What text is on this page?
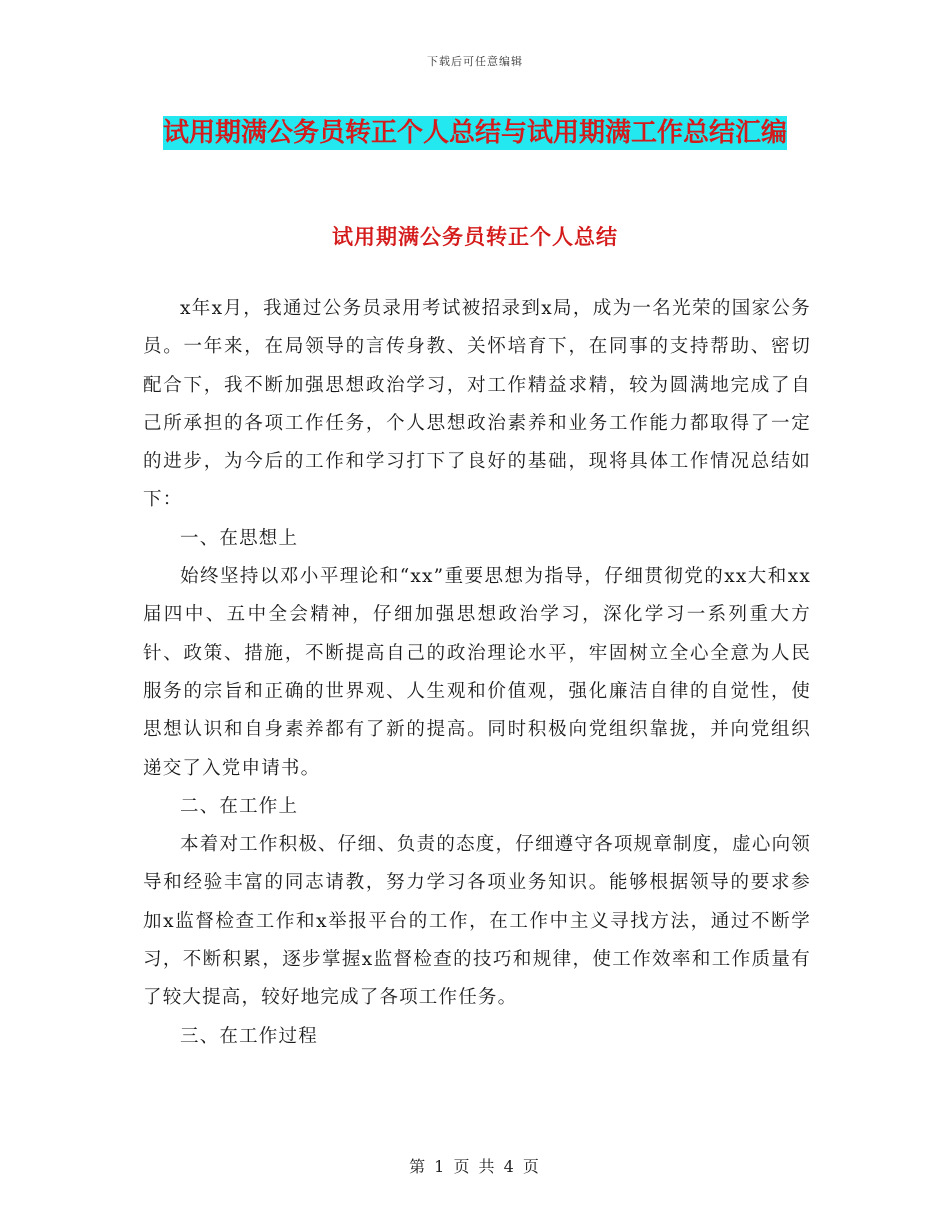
下载后可任意编辑
试用期满公务员转正个人总结与试用期满工作总结汇编
试用期满公务员转正个人总结

x年x月，我通过公务员录用考试被招录到x局，成为一名光荣的国家公务员。一年来，在局领导的言传身教、关怀培育下，在同事的支持帮助、密切配合下，我不断加强思想政治学习，对工作精益求精，较为圆满地完成了自己所承担的各项工作任务，个人思想政治素养和业务工作能力都取得了一定的进步，为今后的工作和学习打下了良好的基础，现将具体工作情况总结如下：

一、在思想上

始终坚持以邓小平理论和“xx”重要思想为指导，仔细贯彻党的xx大和xx届四中、五中全会精神，仔细加强思想政治学习，深化学习一系列重大方针、政策、措施，不断提高自己的政治理论水平，牢固树立全心全意为人民服务的宗旨和正确的世界观、人生观和价值观，强化廉洁自律的自觉性，使思想认识和自身素养都有了新的提高。同时积极向党组织靠拢，并向党组织递交了入党申请书。

二、在工作上

本着对工作积极、仔细、负责的态度，仔细遵守各项规章制度，虚心向领导和经验丰富的同志请教，努力学习各项业务知识。能够根据领导的要求参加x监督检查工作和x举报平台的工作，在工作中主义寻找方法，通过不断学习，不断积累，逐步掌握x监督检查的技巧和规律，使工作效率和工作质量有了较大提高，较好地完成了各项工作任务。

三、在工作过程

第 1 页 共 4 页
